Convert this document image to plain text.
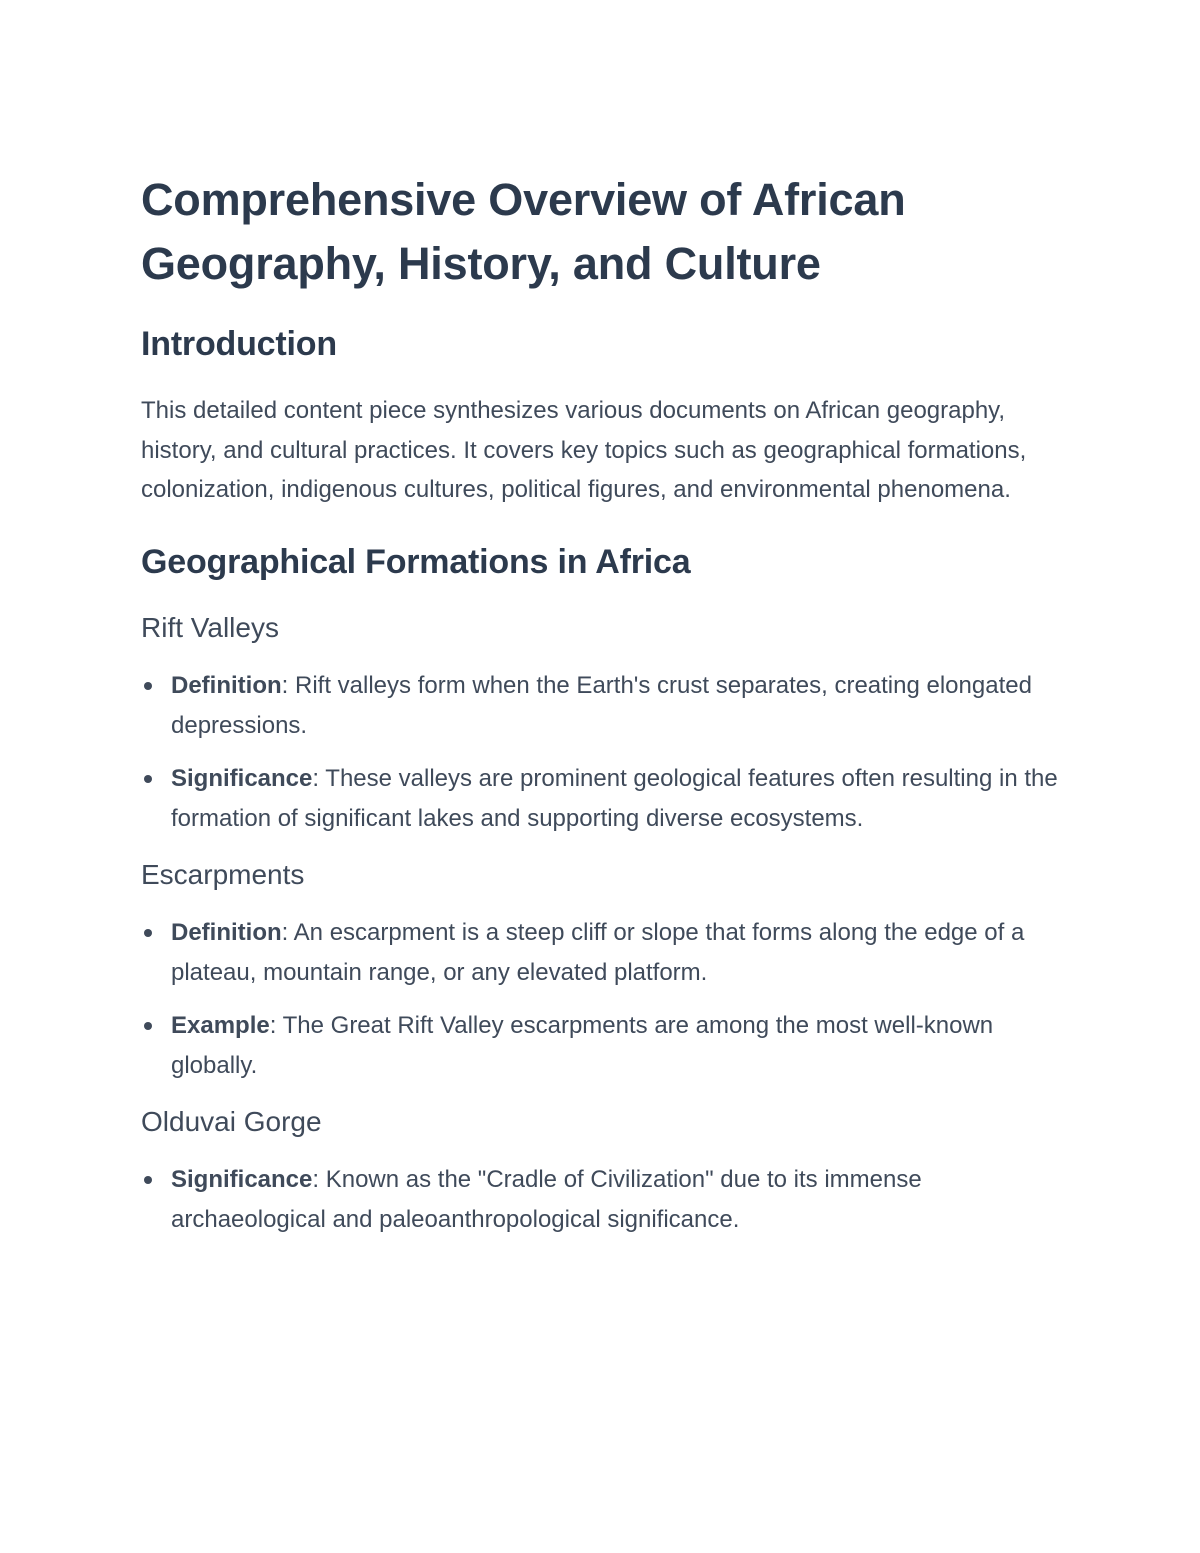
Comprehensive Overview of African Geography, History, and Culture
Introduction

This detailed content piece synthesizes various documents on African geography, history, and cultural practices. It covers key topics such as geographical formations, colonization, indigenous cultures, political figures, and environmental phenomena.

Geographical Formations in Africa
Rift Valleys
Definition: Rift valleys form when the Earth's crust separates, creating elongated depressions.
Significance: These valleys are prominent geological features often resulting in the formation of significant lakes and supporting diverse ecosystems.
Escarpments
Definition: An escarpment is a steep cliff or slope that forms along the edge of a plateau, mountain range, or any elevated platform.
Example: The Great Rift Valley escarpments are among the most well-known globally.
Olduvai Gorge
Significance: Known as the "Cradle of Civilization" due to its immense archaeological and paleoanthropological significance.
